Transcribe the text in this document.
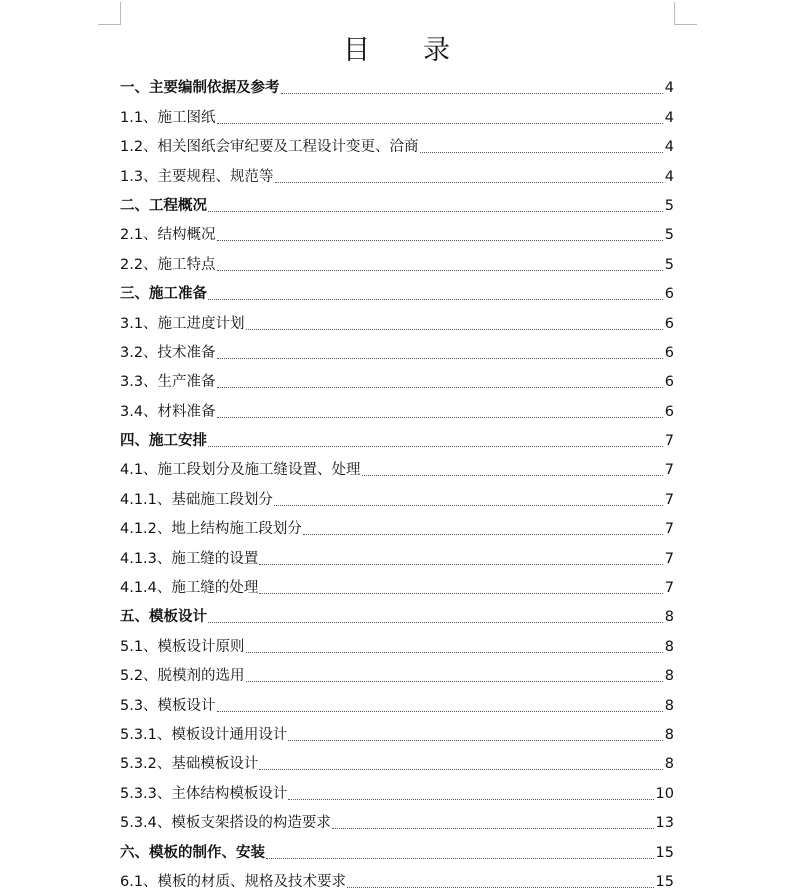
目 录
一、主要编制依据及参考	4
1.1、施工图纸	4
1.2、相关图纸会审纪要及工程设计变更、洽商	4
1.3、主要规程、规范等	4
二、工程概况	5
2.1、结构概况	5
2.2、施工特点	5
三、施工准备	6
3.1、施工进度计划	6
3.2、技术准备	6
3.3、生产准备	6
3.4、材料准备	6
四、施工安排	7
4.1、施工段划分及施工缝设置、处理	7
4.1.1、基础施工段划分	7
4.1.2、地上结构施工段划分	7
4.1.3、施工缝的设置	7
4.1.4、施工缝的处理	7
五、模板设计	8
5.1、模板设计原则	8
5.2、脱模剂的选用	8
5.3、模板设计	8
5.3.1、模板设计通用设计	8
5.3.2、基础模板设计	8
5.3.3、主体结构模板设计	10
5.3.4、模板支架搭设的构造要求	13
六、模板的制作、安装	15
6.1、模板的材质、规格及技术要求	15
